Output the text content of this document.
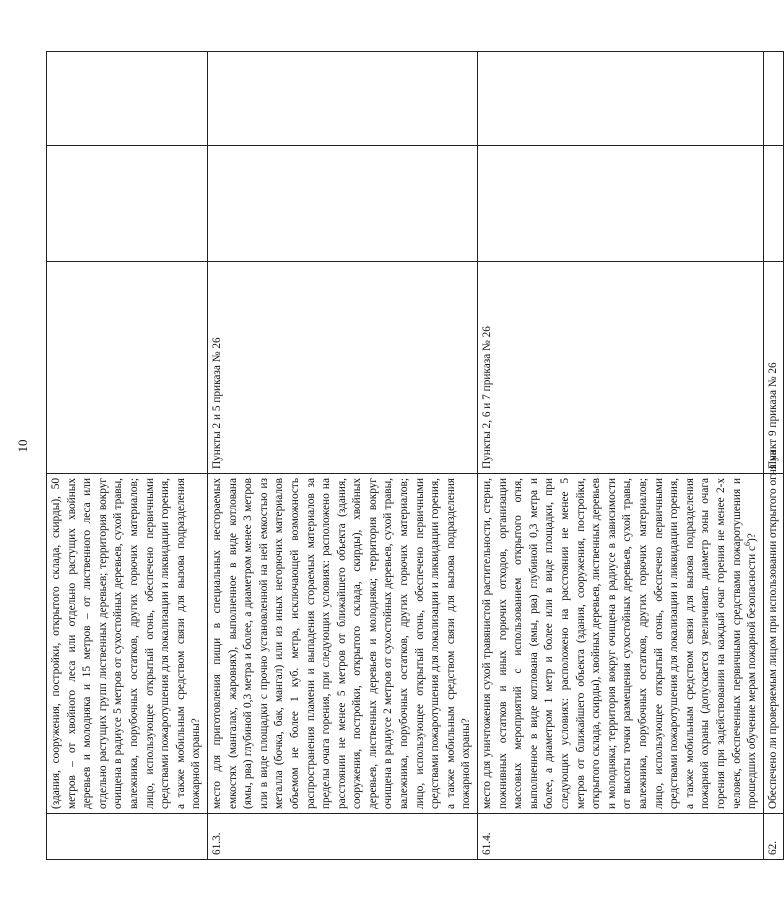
10
	(здания, сооружения, постройки, открытого склада, скирды), 50 метров – от хвойного леса или отдельно растущих хвойных деревьев и молодняка и 15 метров – от лиственного леса или отдельно растущих групп лиственных деревьев; территория вокруг очищена в радиусе 5 метров от сухостойных деревьев, сухой травы, валежника, порубочных остатков, других горючих материалов; лицо, использующее открытый огонь, обеспечено первичными средствами пожаротушения для локализации и ликвидации горения, а также мобильным средством связи для вызова подразделения пожарной охраны?			
61.3.	место для приготовления пищи в специальных несгораемых емкостях (мангалах, жаровнях), выполненное в виде котлована (ямы, рва) глубиной 0,3 метра и более, а диаметром менее 3 метров или в виде площадки с прочно установленной на ней емкостью из металла (бочка, бак, мангал) или из иных негорючих материалов объемом не более 1 куб. метра, исключающей возможность распространения пламени и выпадения сгораемых материалов за пределы очага горения, при следующих условиях: расположено на расстоянии не менее 5 метров от ближайшего объекта (здания, сооружения, постройки, открытого склада, скирды), хвойных деревьев, лиственных деревьев и молодняка; территория вокруг очищена в радиусе 2 метров от сухостойных деревьев, сухой травы, валежника, порубочных остатков, других горючих материалов; лицо, использующее открытый огонь, обеспечено первичными средствами пожаротушения для локализации и ликвидации горения, а также мобильным средством связи для вызова подразделения пожарной охраны?	Пункты 2 и 5 приказа № 26		
61.4.	место для уничтожения сухой травянистой растительности, стерни, пожнивных остатков и иных горючих отходов, организации массовых мероприятий с использованием открытого огня, выполненное в виде котлована (ямы, рва) глубиной 0,3 метра и более, а диаметром 1 метр и более или в виде площадки, при следующих условиях: расположено на расстоянии не менее 5 метров от ближайшего объекта (здания, сооружения, постройки, открытого склада, скирды), хвойных деревьев, лиственных деревьев и молодняка; территория вокруг очищена в радиусе в зависимости от высоты точки размещения сухостойных деревьев, сухой травы, валежника, порубочных остатков, других горючих материалов; лицо, использующее открытый огонь, обеспечено первичными средствами пожаротушения для локализации и ликвидации горения, а также мобильным средством связи для вызова подразделения пожарной охраны (допускается увеличивать диаметр зоны очага горения при задействовании на каждый очаг горения не менее 2-х человек, обеспеченных первичными средствами пожаротушения и прошедших обучение мерам пожарной безопасности $с^6$)?	Пункты 2, 6 и 7 приказа № 26		
62.	Обеспечено ли проверяемым лицом при использовании открытого огня на	Пункт 9 приказа № 26		
